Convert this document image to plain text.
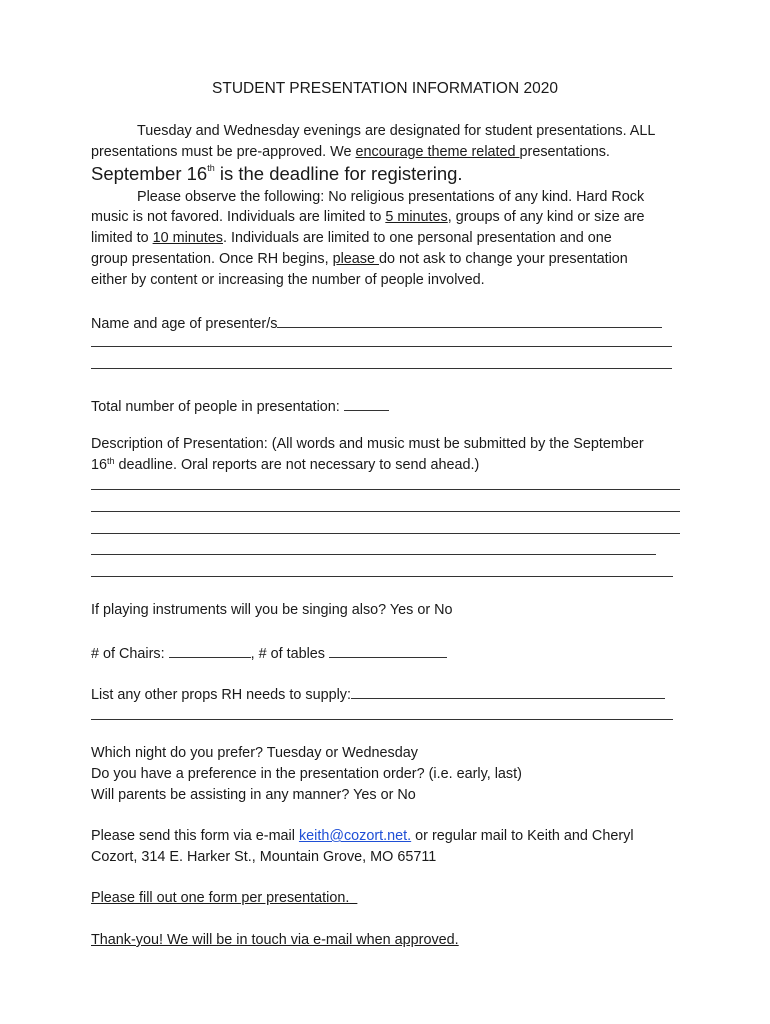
STUDENT PRESENTATION INFORMATION 2020
Tuesday and Wednesday evenings are designated for student presentations. ALL
presentations must be pre-approved. We encourage theme related presentations.
September 16th is the deadline for registering.
Please observe the following: No religious presentations of any kind. Hard Rock
music is not favored. Individuals are limited to 5 minutes, groups of any kind or size are
limited to 10 minutes. Individuals are limited to one personal presentation and one
group presentation. Once RH begins, please do not ask to change your presentation
either by content or increasing the number of people involved.
Name and age of presenter/s
Total number of people in presentation:
Description of Presentation: (All words and music must be submitted by the September
16th deadline. Oral reports are not necessary to send ahead.)
If playing instruments will you be singing also? Yes or No
# of Chairs:	, # of tables
List any other props RH needs to supply:
Which night do you prefer? Tuesday or Wednesday
Do you have a preference in the presentation order? (i.e. early, last)
Will parents be assisting in any manner? Yes or No
Please send this form via e-mail keith@cozort.net. or regular mail to Keith and Cheryl
Cozort, 314 E. Harker St., Mountain Grove, MO 65711
Please fill out one form per presentation.
Thank-you! We will be in touch via e-mail when approved.
